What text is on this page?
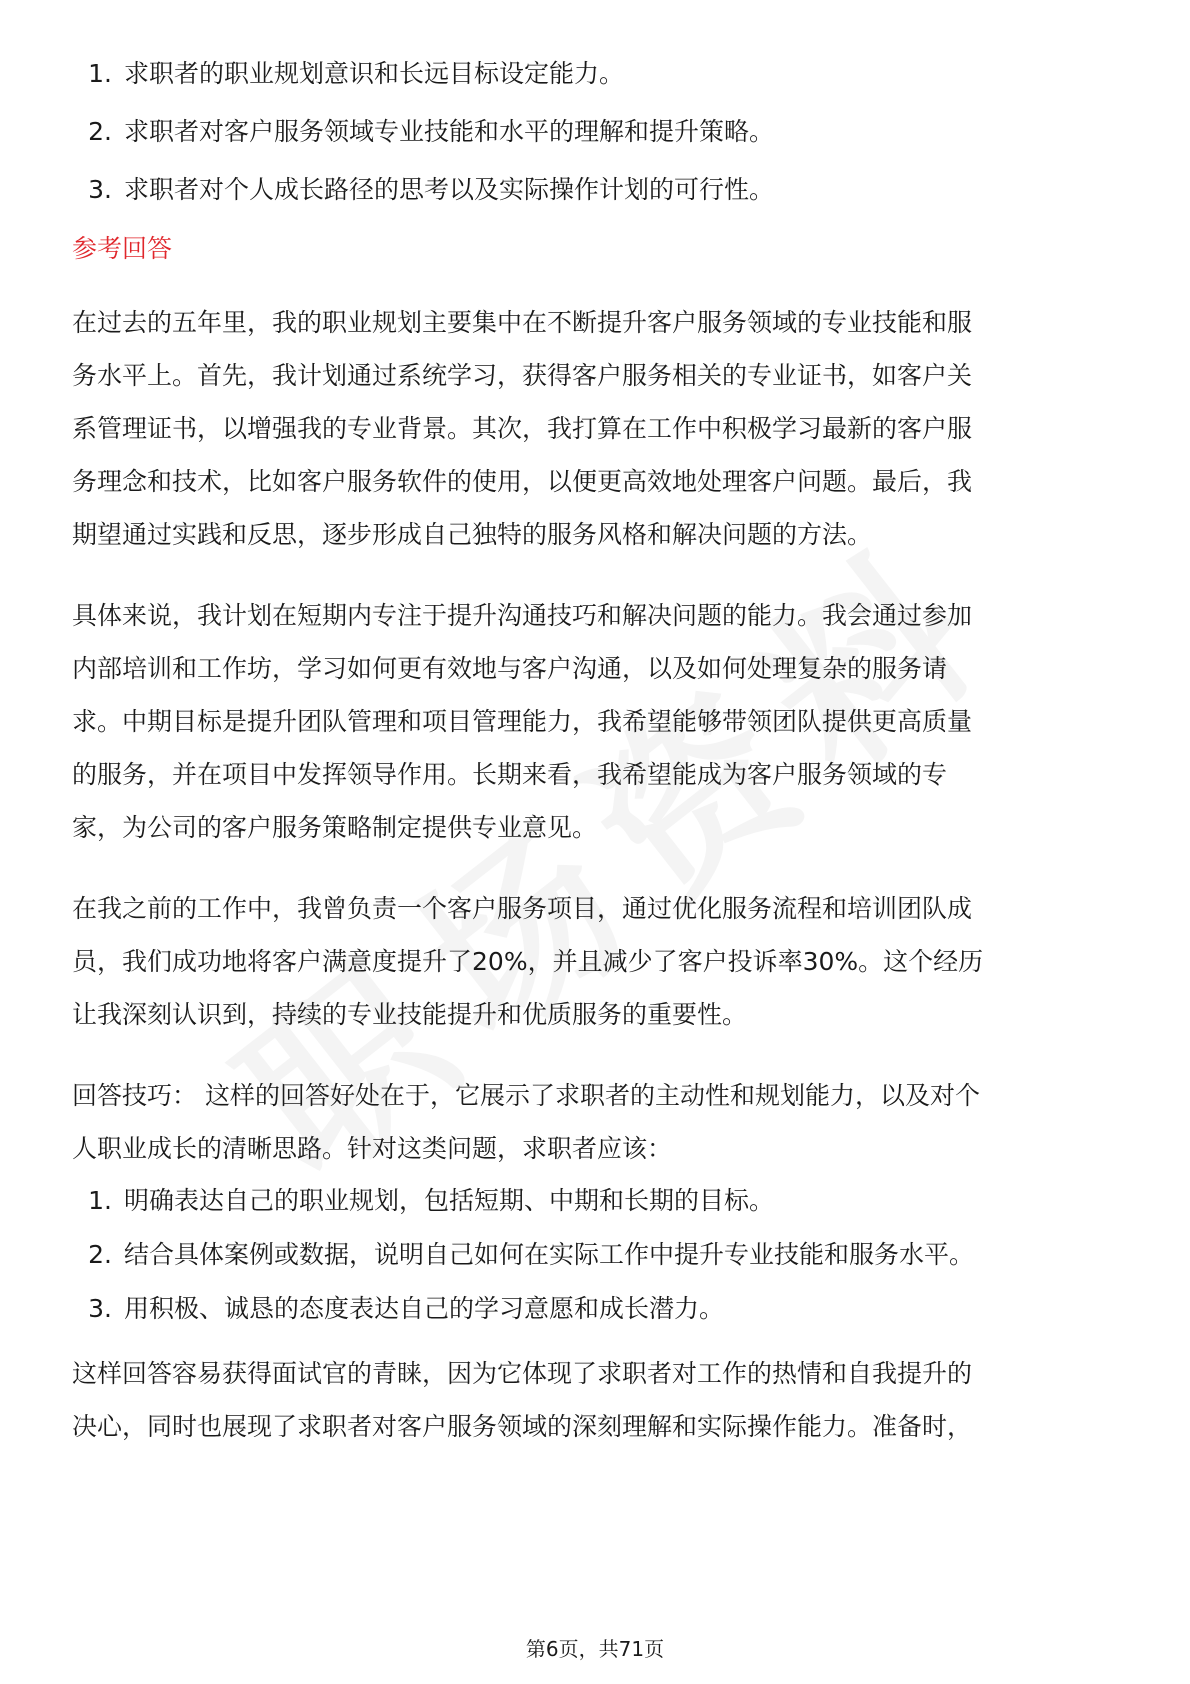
1. 求职者的职业规划意识和长远目标设定能力。
2. 求职者对客户服务领域专业技能和水平的理解和提升策略。
3. 求职者对个人成长路径的思考以及实际操作计划的可行性。
参考回答

在过去的五年里，我的职业规划主要集中在不断提升客户服务领域的专业技能和服
务水平上。首先，我计划通过系统学习，获得客户服务相关的专业证书，如客户关
系管理证书，以增强我的专业背景。其次，我打算在工作中积极学习最新的客户服
务理念和技术，比如客户服务软件的使用，以便更高效地处理客户问题。最后，我
期望通过实践和反思，逐步形成自己独特的服务风格和解决问题的方法。

具体来说，我计划在短期内专注于提升沟通技巧和解决问题的能力。我会通过参加
内部培训和工作坊，学习如何更有效地与客户沟通，以及如何处理复杂的服务请
求。中期目标是提升团队管理和项目管理能力，我希望能够带领团队提供更高质量
的服务，并在项目中发挥领导作用。长期来看，我希望能成为客户服务领域的专
家，为公司的客户服务策略制定提供专业意见。

在我之前的工作中，我曾负责一个客户服务项目，通过优化服务流程和培训团队成
员，我们成功地将客户满意度提升了20%，并且减少了客户投诉率30%。这个经历
让我深刻认识到，持续的专业技能提升和优质服务的重要性。

回答技巧： 这样的回答好处在于，它展示了求职者的主动性和规划能力，以及对个
人职业成长的清晰思路。针对这类问题，求职者应该：

1. 明确表达自己的职业规划，包括短期、中期和长期的目标。
2. 结合具体案例或数据，说明自己如何在实际工作中提升专业技能和服务水平。
3. 用积极、诚恳的态度表达自己的学习意愿和成长潜力。

这样回答容易获得面试官的青睐，因为它体现了求职者对工作的热情和自我提升的
决心，同时也展现了求职者对客户服务领域的深刻理解和实际操作能力。准备时，

第6页，共71页
